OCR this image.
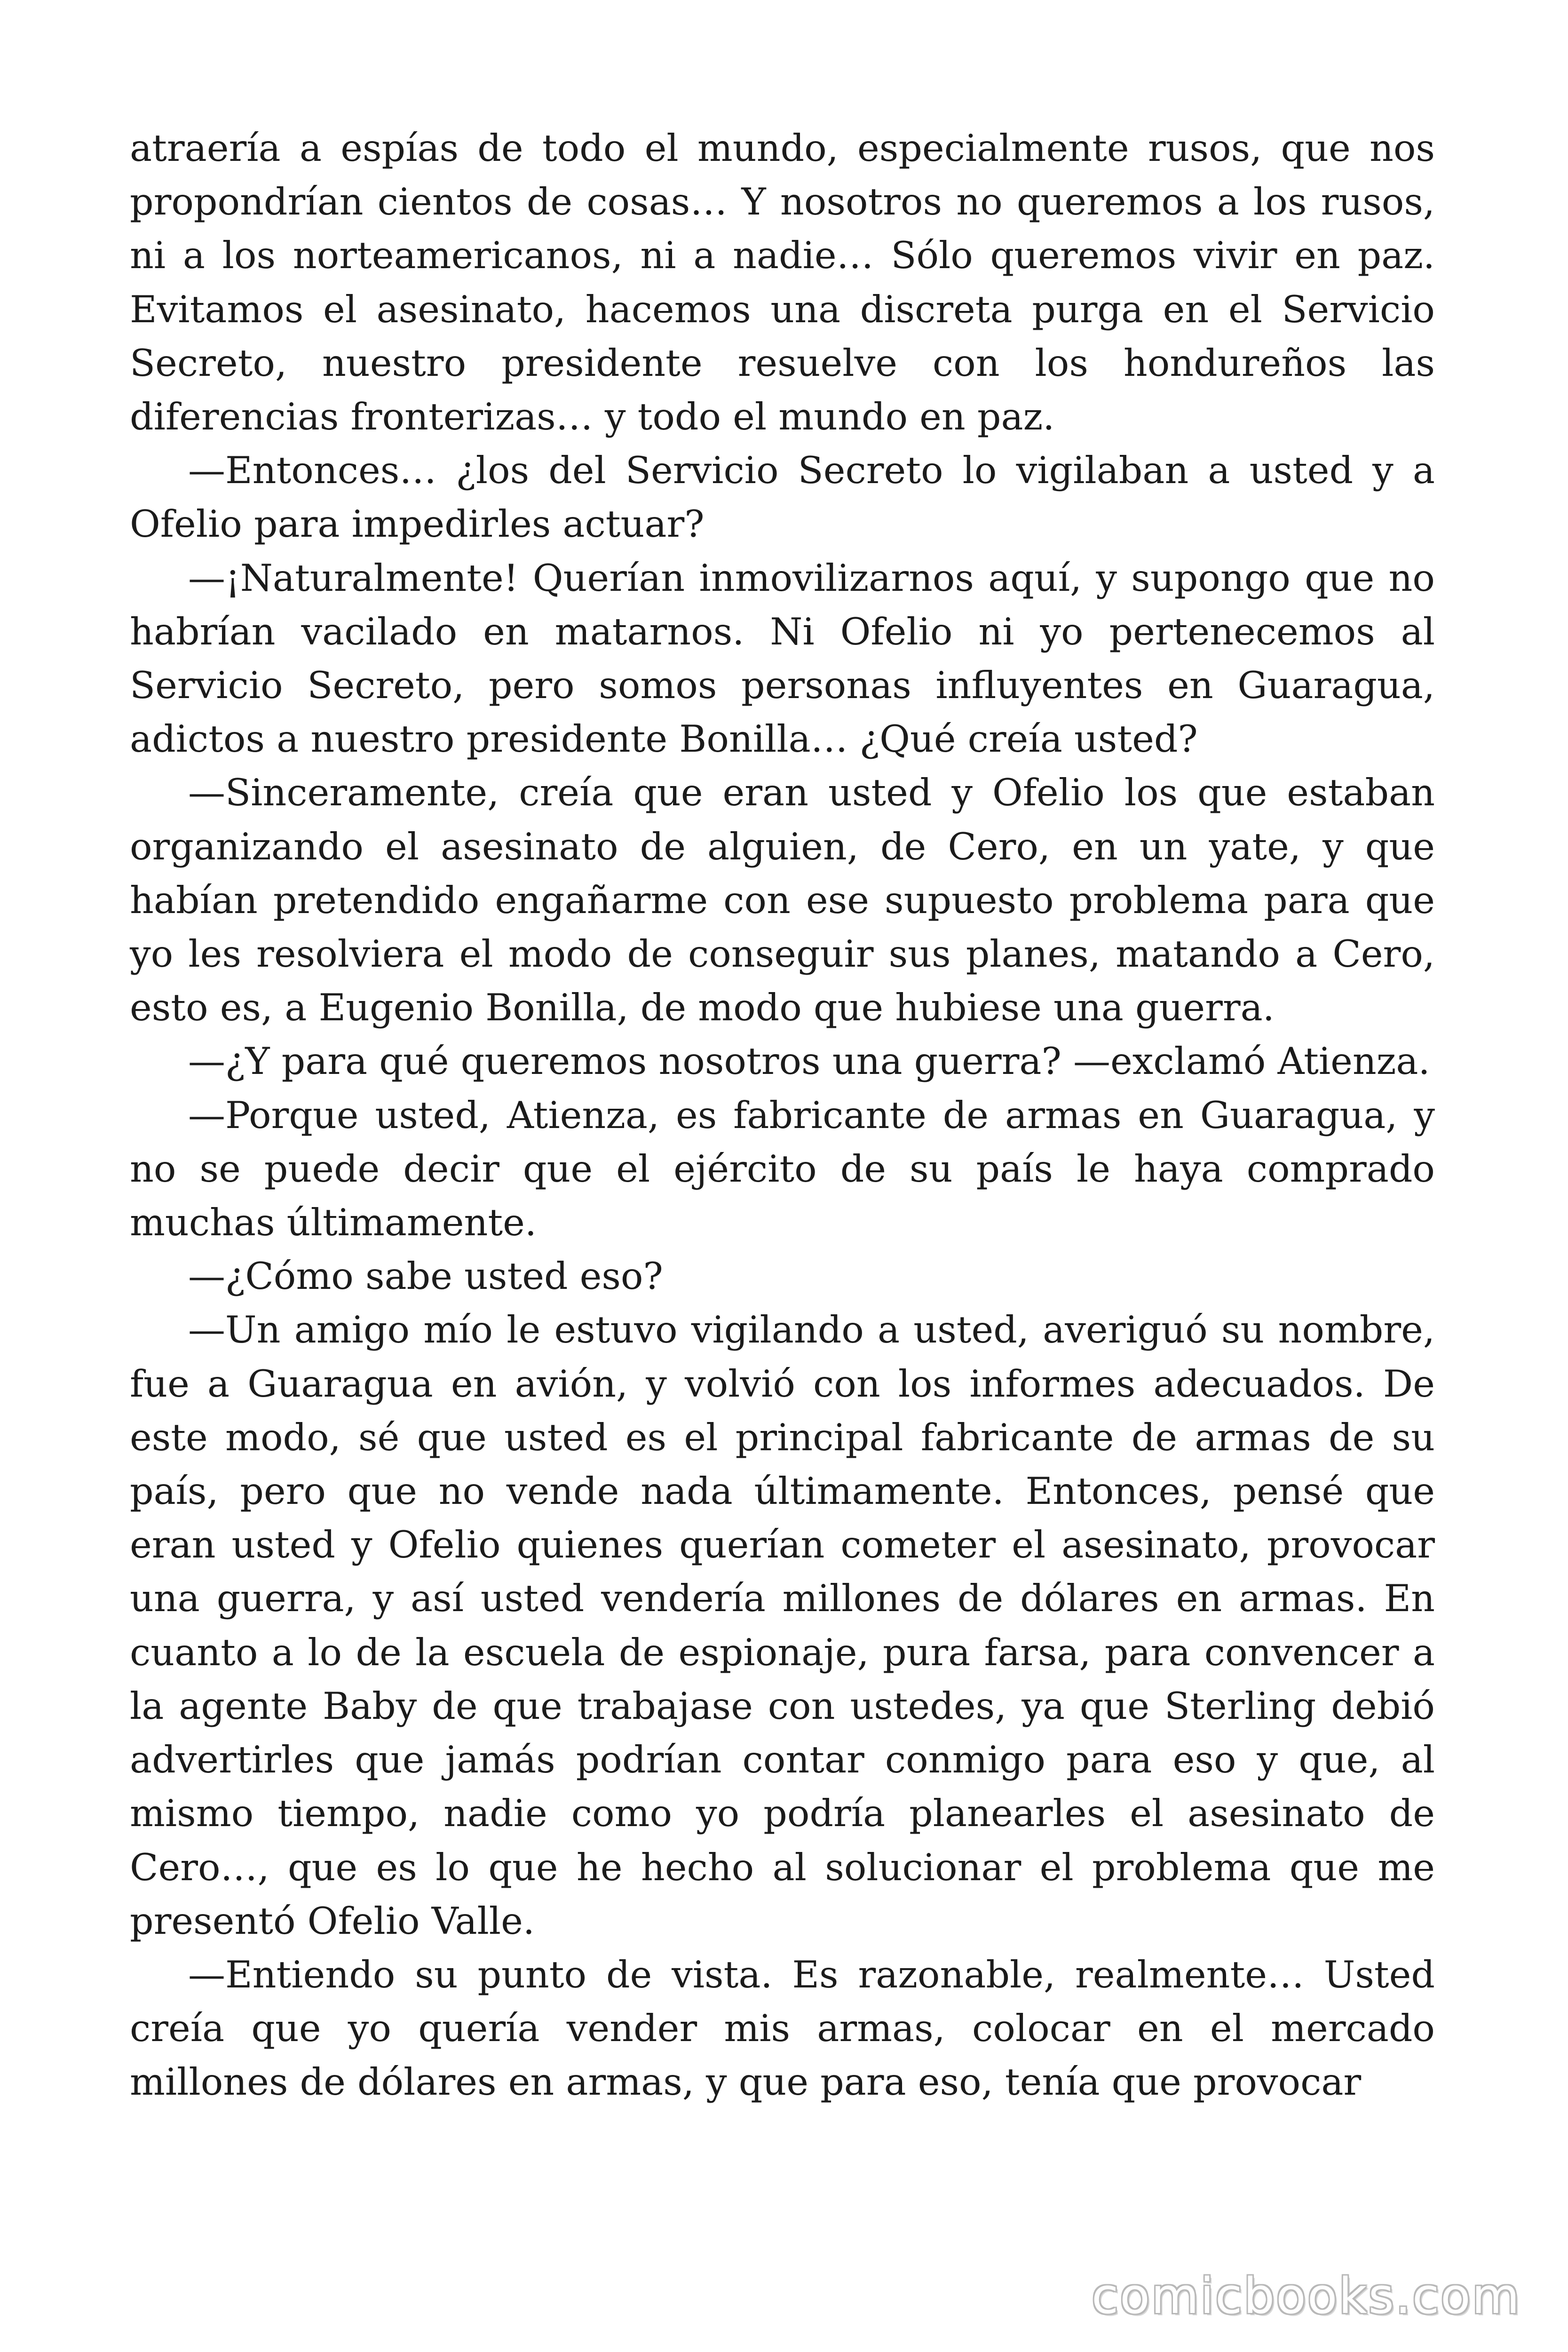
atraería a espías de todo el mundo, especialmente rusos, que nos propondrían cientos de cosas… Y nosotros no queremos a los rusos, ni a los norteamericanos, ni a nadie… Sólo queremos vivir en paz. Evitamos el asesinato, hacemos una discreta purga en el Servicio Secreto, nuestro presidente resuelve con los hondureños las diferencias fronterizas… y todo el mundo en paz.

—Entonces… ¿los del Servicio Secreto lo vigilaban a usted y a Ofelio para impedirles actuar?

—¡Naturalmente! Querían inmovilizarnos aquí, y supongo que no habrían vacilado en matarnos. Ni Ofelio ni yo pertenecemos al Servicio Secreto, pero somos personas influyentes en Guaragua, adictos a nuestro presidente Bonilla… ¿Qué creía usted?

—Sinceramente, creía que eran usted y Ofelio los que estaban organizando el asesinato de alguien, de Cero, en un yate, y que habían pretendido engañarme con ese supuesto problema para que yo les resolviera el modo de conseguir sus planes, matando a Cero, esto es, a Eugenio Bonilla, de modo que hubiese una guerra.

—¿Y para qué queremos nosotros una guerra? —exclamó Atienza.

—Porque usted, Atienza, es fabricante de armas en Guaragua, y no se puede decir que el ejército de su país le haya comprado muchas últimamente.

—¿Cómo sabe usted eso?

—Un amigo mío le estuvo vigilando a usted, averiguó su nombre, fue a Guaragua en avión, y volvió con los informes adecuados. De este modo, sé que usted es el principal fabricante de armas de su país, pero que no vende nada últimamente. Entonces, pensé que eran usted y Ofelio quienes querían cometer el asesinato, provocar una guerra, y así usted vendería millones de dólares en armas. En cuanto a lo de la escuela de espionaje, pura farsa, para convencer a la agente Baby de que trabajase con ustedes, ya que Sterling debió advertirles que jamás podrían contar conmigo para eso y que, al mismo tiempo, nadie como yo podría planearles el asesinato de Cero…, que es lo que he hecho al solucionar el problema que me presentó Ofelio Valle.

—Entiendo su punto de vista. Es razonable, realmente… Usted creía que yo quería vender mis armas, colocar en el mercado millones de dólares en armas, y que para eso, tenía que provocar

comicbooks.com
